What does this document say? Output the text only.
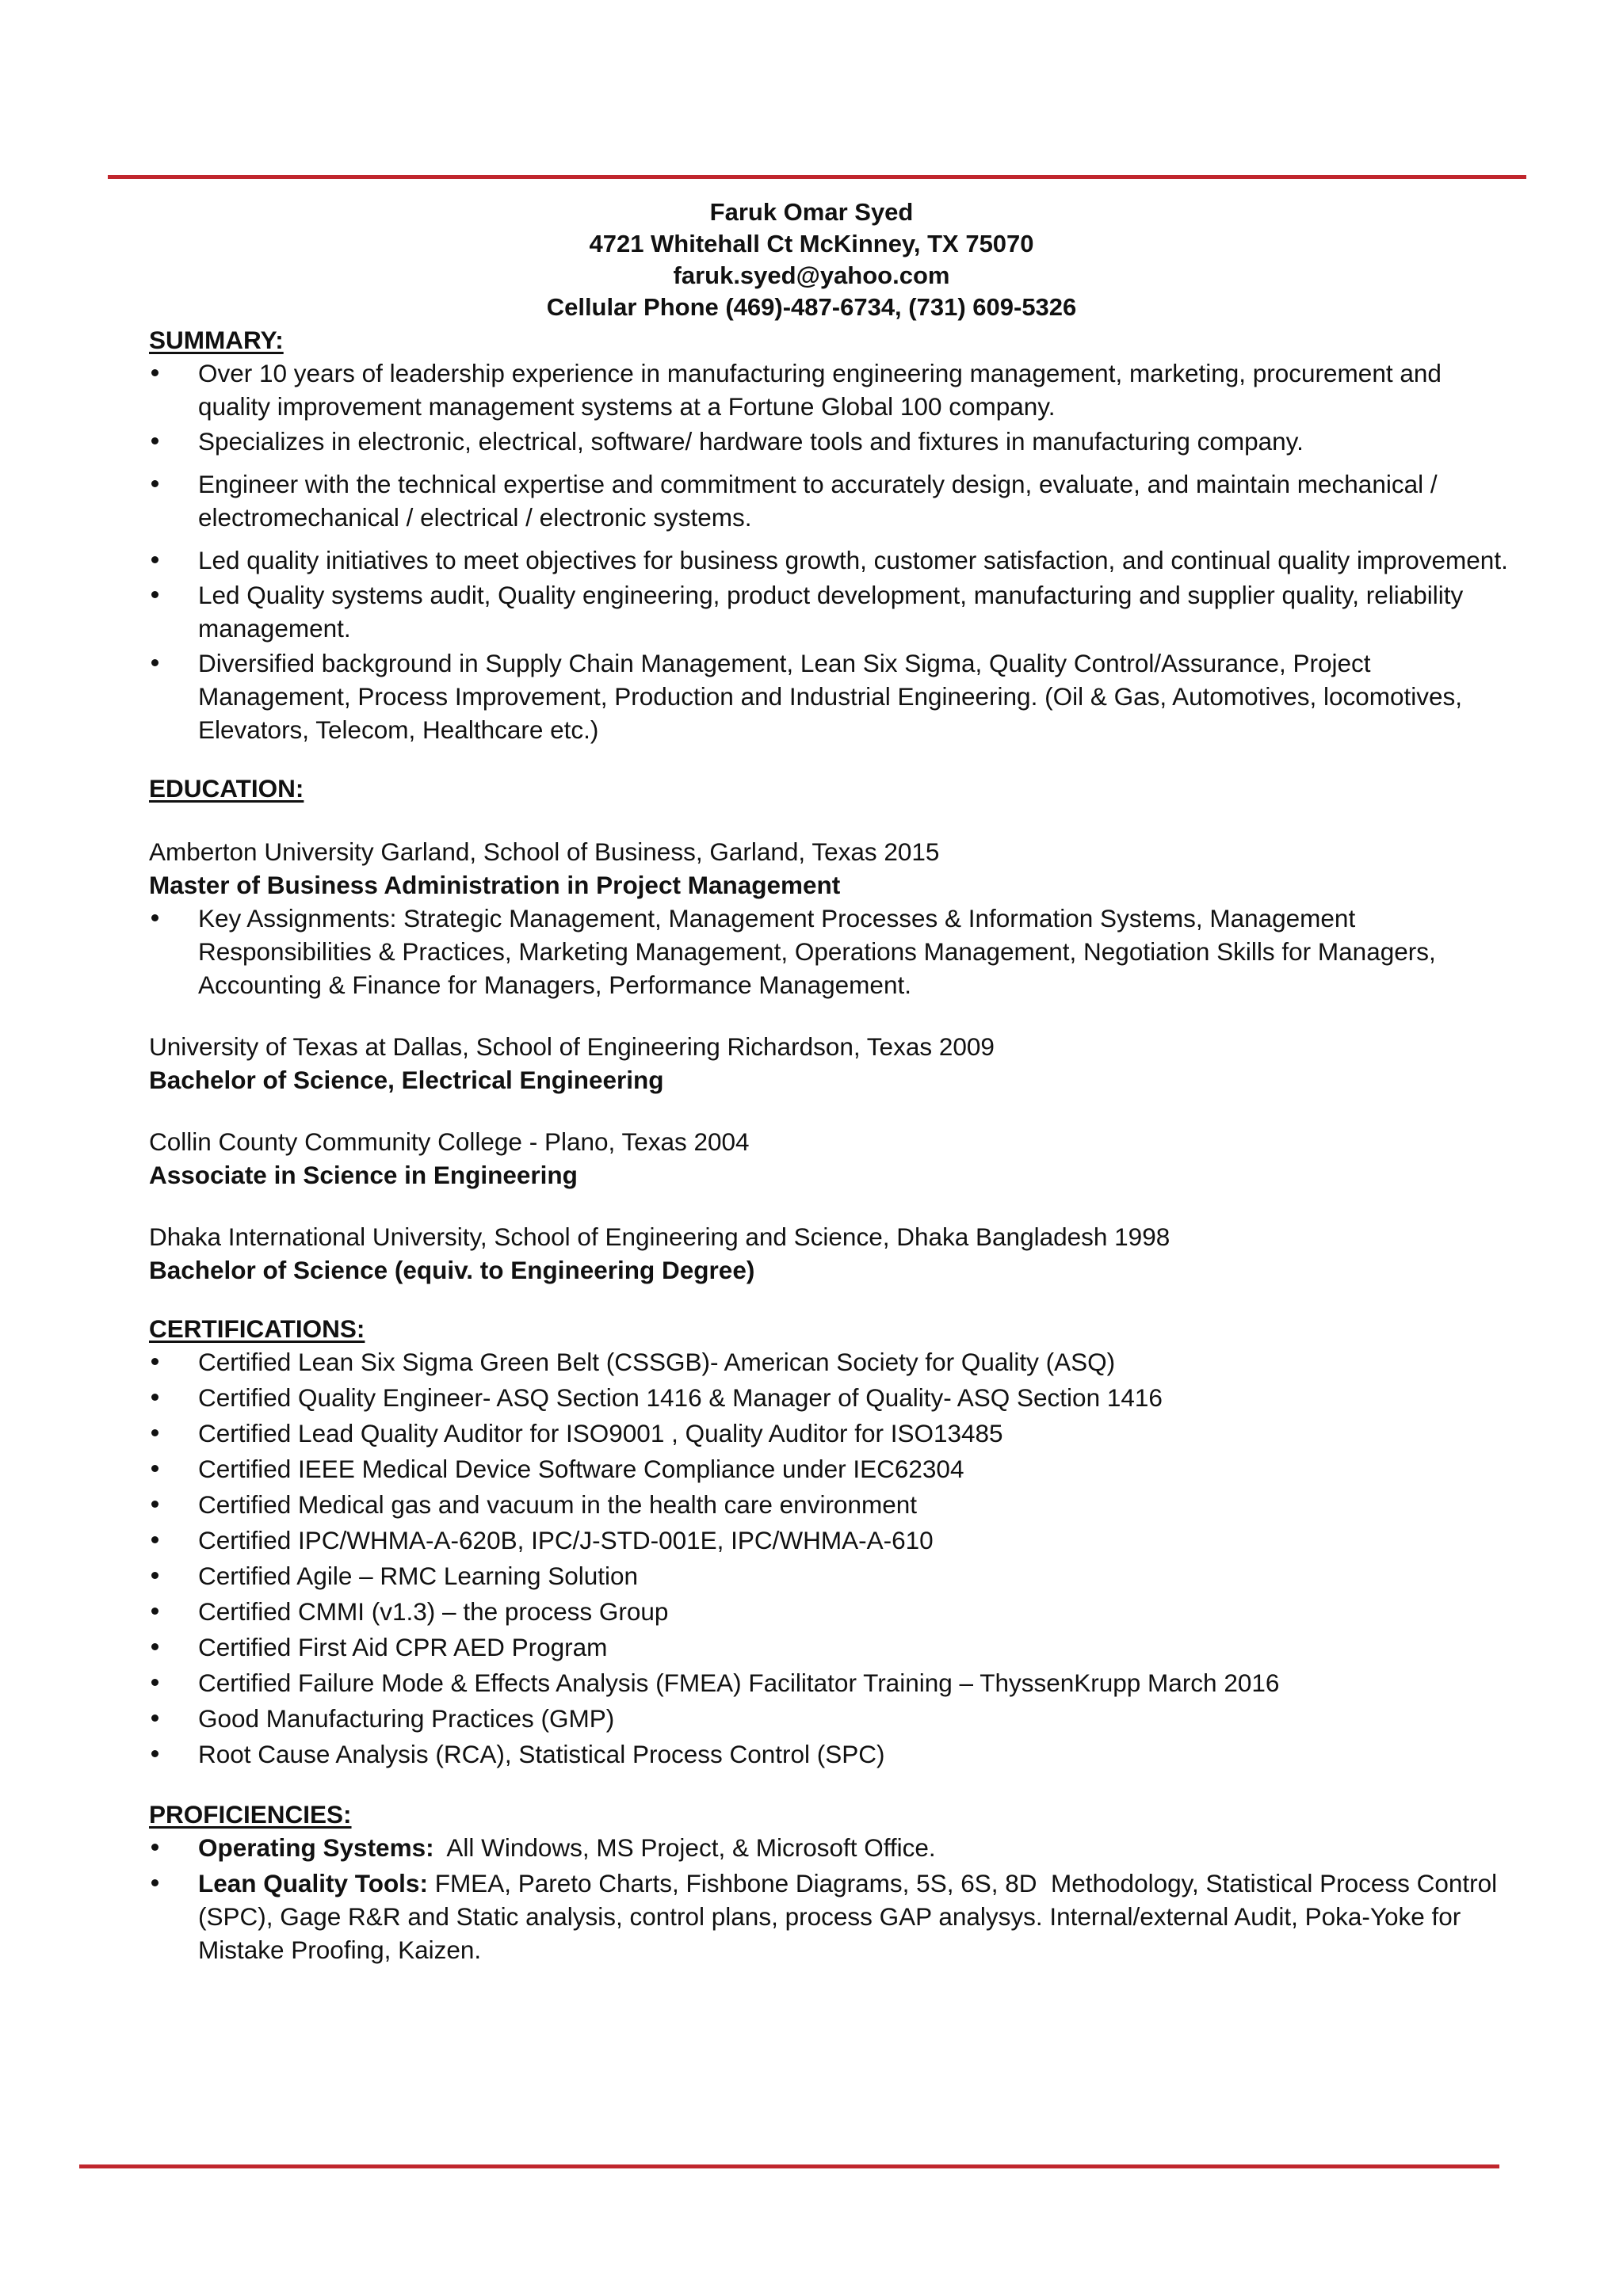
Faruk Omar Syed
4721 Whitehall Ct McKinney, TX 75070
faruk.syed@yahoo.com
Cellular Phone (469)-487-6734, (731) 609-5326
SUMMARY:
Over 10 years of leadership experience in manufacturing engineering management, marketing, procurement and quality improvement management systems at a Fortune Global 100 company.
Specializes in electronic, electrical, software/ hardware tools and fixtures in manufacturing company.
Engineer with the technical expertise and commitment to accurately design, evaluate, and maintain mechanical / electromechanical / electrical / electronic systems.
Led quality initiatives to meet objectives for business growth, customer satisfaction, and continual quality improvement.
Led Quality systems audit, Quality engineering, product development, manufacturing and supplier quality, reliability management.
Diversified background in Supply Chain Management, Lean Six Sigma, Quality Control/Assurance, Project Management, Process Improvement, Production and Industrial Engineering. (Oil & Gas, Automotives, locomotives, Elevators, Telecom, Healthcare etc.)
EDUCATION:
Amberton University Garland, School of Business, Garland, Texas 2015
Master of Business Administration in Project Management
Key Assignments: Strategic Management, Management Processes & Information Systems, Management Responsibilities & Practices, Marketing Management, Operations Management, Negotiation Skills for Managers, Accounting & Finance for Managers, Performance Management.
University of Texas at Dallas, School of Engineering Richardson, Texas 2009
Bachelor of Science, Electrical Engineering
Collin County Community College - Plano, Texas 2004
Associate in Science in Engineering
Dhaka International University, School of Engineering and Science, Dhaka Bangladesh 1998
Bachelor of Science (equiv. to Engineering Degree)
CERTIFICATIONS:
Certified Lean Six Sigma Green Belt (CSSGB)- American Society for Quality (ASQ)
Certified Quality Engineer- ASQ Section 1416 & Manager of Quality- ASQ Section 1416
Certified Lead Quality Auditor for ISO9001 , Quality Auditor for ISO13485
Certified IEEE Medical Device Software Compliance under IEC62304
Certified Medical gas and vacuum in the health care environment
Certified IPC/WHMA-A-620B, IPC/J-STD-001E, IPC/WHMA-A-610
Certified Agile – RMC Learning Solution
Certified CMMI (v1.3) – the process Group
Certified First Aid CPR AED Program
Certified Failure Mode & Effects Analysis (FMEA) Facilitator Training – ThyssenKrupp March 2016
Good Manufacturing Practices (GMP)
Root Cause Analysis (RCA), Statistical Process Control (SPC)
PROFICIENCIES:
Operating Systems:  All Windows, MS Project, & Microsoft Office.
Lean Quality Tools: FMEA, Pareto Charts, Fishbone Diagrams, 5S, 6S, 8D  Methodology, Statistical Process Control (SPC), Gage R&R and Static analysis, control plans, process GAP analysys. Internal/external Audit, Poka-Yoke for Mistake Proofing, Kaizen.
